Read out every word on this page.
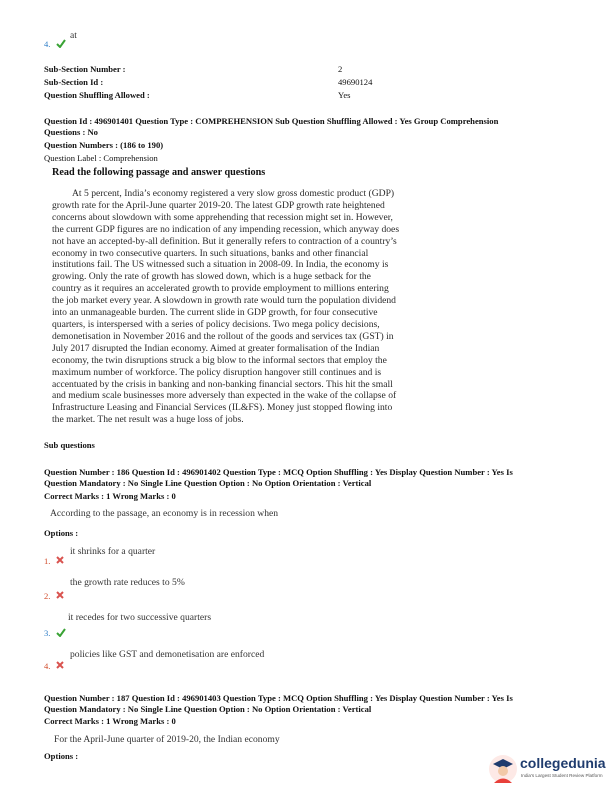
4.
at
Sub-Section Number :	2
Sub-Section Id :	49690124
Question Shuffling Allowed :	Yes
Question Id : 496901401 Question Type : COMPREHENSION Sub Question Shuffling Allowed : Yes Group Comprehension
Questions : No
Question Numbers : (186 to 190)
Question Label : Comprehension
Read the following passage and answer questions
At 5 percent, India’s economy registered a very slow gross domestic product (GDP)
growth rate for the April-June quarter 2019-20. The latest GDP growth rate heightened
concerns about slowdown with some apprehending that recession might set in. However,
the current GDP figures are no indication of any impending recession, which anyway does
not have an accepted-by-all definition. But it generally refers to contraction of a country’s
economy in two consecutive quarters. In such situations, banks and other financial
institutions fail. The US witnessed such a situation in 2008-09. In India, the economy is
growing. Only the rate of growth has slowed down, which is a huge setback for the
country as it requires an accelerated growth to provide employment to millions entering
the job market every year. A slowdown in growth rate would turn the population dividend
into an unmanageable burden. The current slide in GDP growth, for four consecutive
quarters, is interspersed with a series of policy decisions. Two mega policy decisions,
demonetisation in November 2016 and the rollout of the goods and services tax (GST) in
July 2017 disrupted the Indian economy. Aimed at greater formalisation of the Indian
economy, the twin disruptions struck a big blow to the informal sectors that employ the
maximum number of workforce. The policy disruption hangover still continues and is
accentuated by the crisis in banking and non-banking financial sectors. This hit the small
and medium scale businesses more adversely than expected in the wake of the collapse of
Infrastructure Leasing and Financial Services (IL&FS). Money just stopped flowing into
the market. The net result was a huge loss of jobs.
Sub questions
Question Number : 186 Question Id : 496901402 Question Type : MCQ Option Shuffling : Yes Display Question Number : Yes Is
Question Mandatory : No Single Line Question Option : No Option Orientation : Vertical
Correct Marks : 1 Wrong Marks : 0
According to the passage, an economy is in recession when
Options :
1.
it shrinks for a quarter
2.
the growth rate reduces to 5%
3.
it recedes for two successive quarters
4.
policies like GST and demonetisation are enforced
Question Number : 187 Question Id : 496901403 Question Type : MCQ Option Shuffling : Yes Display Question Number : Yes Is
Question Mandatory : No Single Line Question Option : No Option Orientation : Vertical
Correct Marks : 1 Wrong Marks : 0
For the April-June quarter of 2019-20, the Indian economy
Options :	collegedunia
India's Largest Student Review Platform
